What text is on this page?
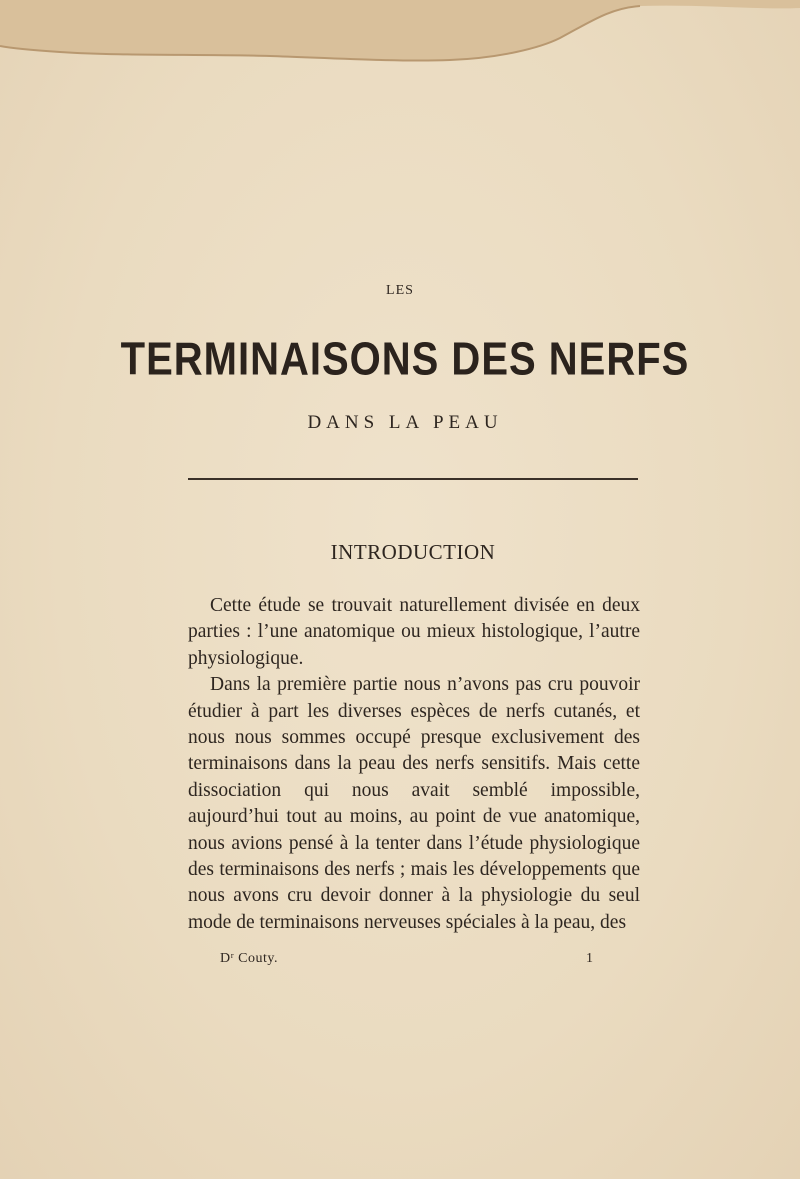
LES
TERMINAISONS DES NERFS
DANS LA PEAU
INTRODUCTION

Cette étude se trouvait naturellement divisée en deux parties : l’une anatomique ou mieux histologique, l’autre physiologique.

Dans la première partie nous n’avons pas cru pouvoir étudier à part les diverses espèces de nerfs cutanés, et nous nous sommes occupé presque exclusivement des terminaisons dans la peau des nerfs sensitifs. Mais cette dissociation qui nous avait semblé impossible, aujourd’hui tout au moins, au point de vue anatomique, nous avions pensé à la tenter dans l’étude physiologique des terminaisons des nerfs ; mais les développements que nous avons cru devoir donner à la physiologie du seul mode de terminaisons nerveuses spéciales à la peau, des

Dʳ Couty.	1
